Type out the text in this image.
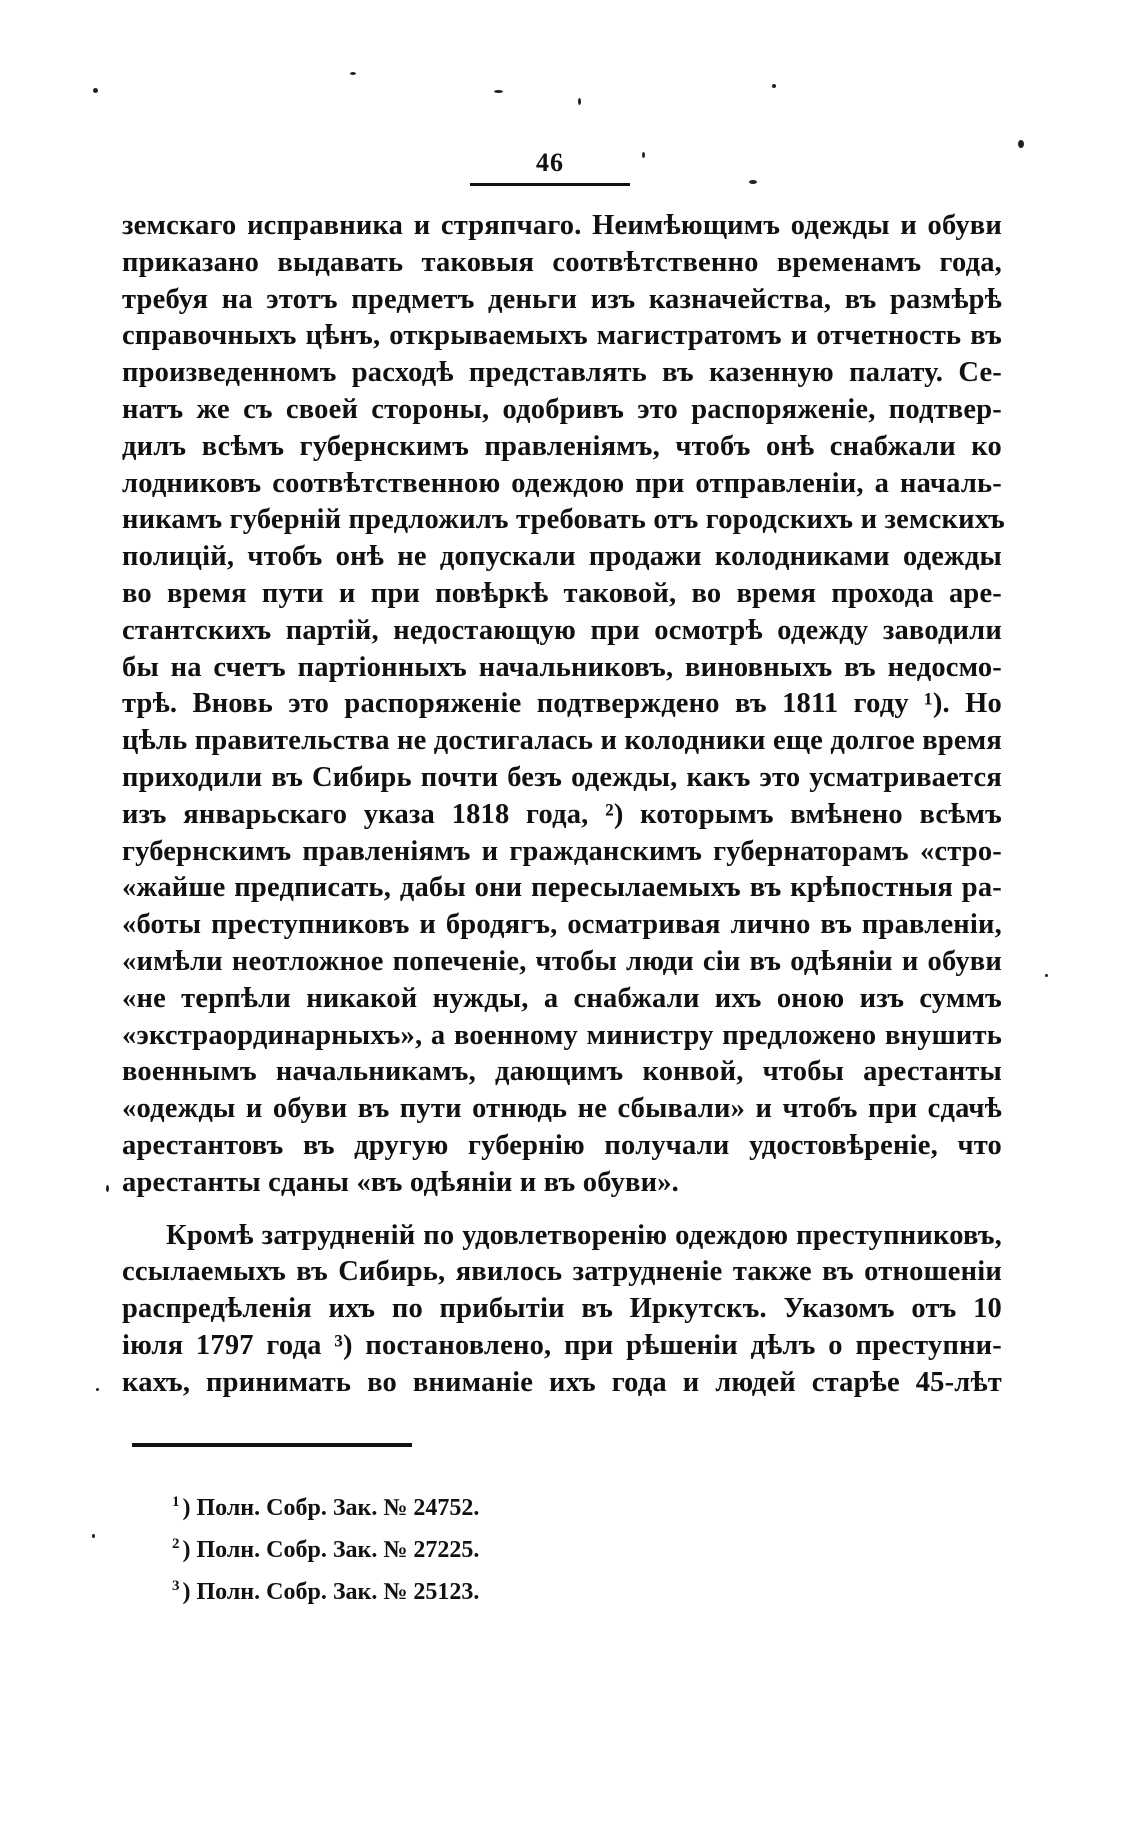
46
земскаго исправника и стряпчаго. Неимѣющимъ одежды и обуви
приказано выдавать таковыя соотвѣтственно временамъ года,
требуя на этотъ предметъ деньги изъ казначейства, въ размѣрѣ
справочныхъ цѣнъ, открываемыхъ магистратомъ и отчетность въ
произведенномъ расходѣ представлять въ казенную палату. Се-
натъ же съ своей стороны, одобривъ это распоряженіе, подтвер-
дилъ всѣмъ губернскимъ правленіямъ, чтобъ онѣ снабжали ко
лодниковъ соотвѣтственною одеждою при отправленіи, а началь-
никамъ губерній предложилъ требовать отъ городскихъ и земскихъ
полицій, чтобъ онѣ не допускали продажи колодниками одежды
во время пути и при повѣркѣ таковой, во время прохода аре-
стантскихъ партій, недостающую при осмотрѣ одежду заводили
бы на счетъ партіонныхъ начальниковъ, виновныхъ въ недосмо-
трѣ. Вновь это распоряженіе подтверждено въ 1811 году ¹). Но
цѣль правительства не достигалась и колодники еще долгое время
приходили въ Сибирь почти безъ одежды, какъ это усматривается
изъ январьскаго указа 1818 года, ²) которымъ вмѣнено всѣмъ
губернскимъ правленіямъ и гражданскимъ губернаторамъ «стро-
«жайше предписать, дабы они пересылаемыхъ въ крѣпостныя ра-
«боты преступниковъ и бродягъ, осматривая лично въ правленіи,
«имѣли неотложное попеченіе, чтобы люди сіи въ одѣяніи и обуви
«не терпѣли никакой нужды, а снабжали ихъ оною изъ суммъ
«экстраординарныхъ», а военному министру предложено внушить
военнымъ начальникамъ, дающимъ конвой, чтобы арестанты
«одежды и обуви въ пути отнюдь не сбывали» и чтобъ при сдачѣ
арестантовъ въ другую губернію получали удостовѣреніе, что
арестанты сданы «въ одѣяніи и въ обуви».
Кромѣ затрудненій по удовлетворенію одеждою преступниковъ,
ссылаемыхъ въ Сибирь, явилось затрудненіе также въ отношеніи
распредѣленія ихъ по прибытіи въ Иркутскъ. Указомъ отъ 10
іюля 1797 года ³) постановлено, при рѣшеніи дѣлъ о преступни-
кахъ, принимать во вниманіе ихъ года и людей старѣе 45-лѣт
$^1$ ) Полн. Собр. Зак. № 24752.
$^2$ ) Полн. Собр. Зак. № 27225.
$^3$ ) Полн. Собр. Зак. № 25123.
